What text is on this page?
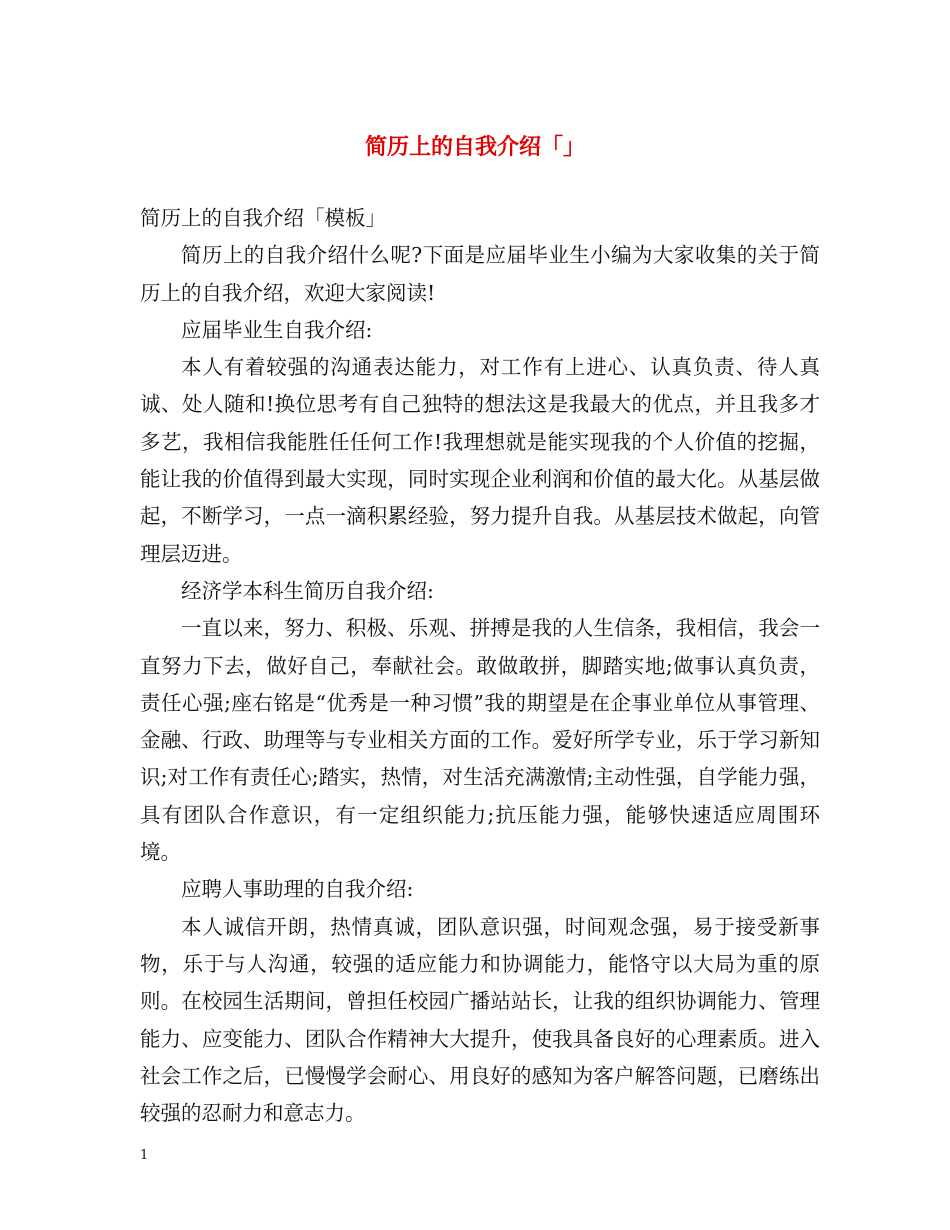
简历上的自我介绍「」

简历上的自我介绍「模板」

简历上的自我介绍什么呢?下面是应届毕业生小编为大家收集的关于简历上的自我介绍，欢迎大家阅读!

应届毕业生自我介绍:

本人有着较强的沟通表达能力，对工作有上进心、认真负责、待人真诚、处人随和!换位思考有自己独特的想法这是我最大的优点，并且我多才多艺，我相信我能胜任任何工作!我理想就是能实现我的个人价值的挖掘，能让我的价值得到最大实现，同时实现企业利润和价值的最大化。从基层做起，不断学习，一点一滴积累经验，努力提升自我。从基层技术做起，向管理层迈进。

经济学本科生简历自我介绍:

一直以来，努力、积极、乐观、拼搏是我的人生信条，我相信，我会一直努力下去，做好自己，奉献社会。敢做敢拼，脚踏实地;做事认真负责，责任心强;座右铭是“优秀是一种习惯”我的期望是在企事业单位从事管理、金融、行政、助理等与专业相关方面的工作。爱好所学专业，乐于学习新知识;对工作有责任心;踏实，热情，对生活充满激情;主动性强，自学能力强，具有团队合作意识，有一定组织能力;抗压能力强，能够快速适应周围环境。

应聘人事助理的自我介绍:

本人诚信开朗，热情真诚，团队意识强，时间观念强，易于接受新事物，乐于与人沟通，较强的适应能力和协调能力，能恪守以大局为重的原则。在校园生活期间，曾担任校园广播站站长，让我的组织协调能力、管理能力、应变能力、团队合作精神大大提升，使我具备良好的心理素质。进入社会工作之后，已慢慢学会耐心、用良好的感知为客户解答问题，已磨练出较强的忍耐力和意志力。

1
